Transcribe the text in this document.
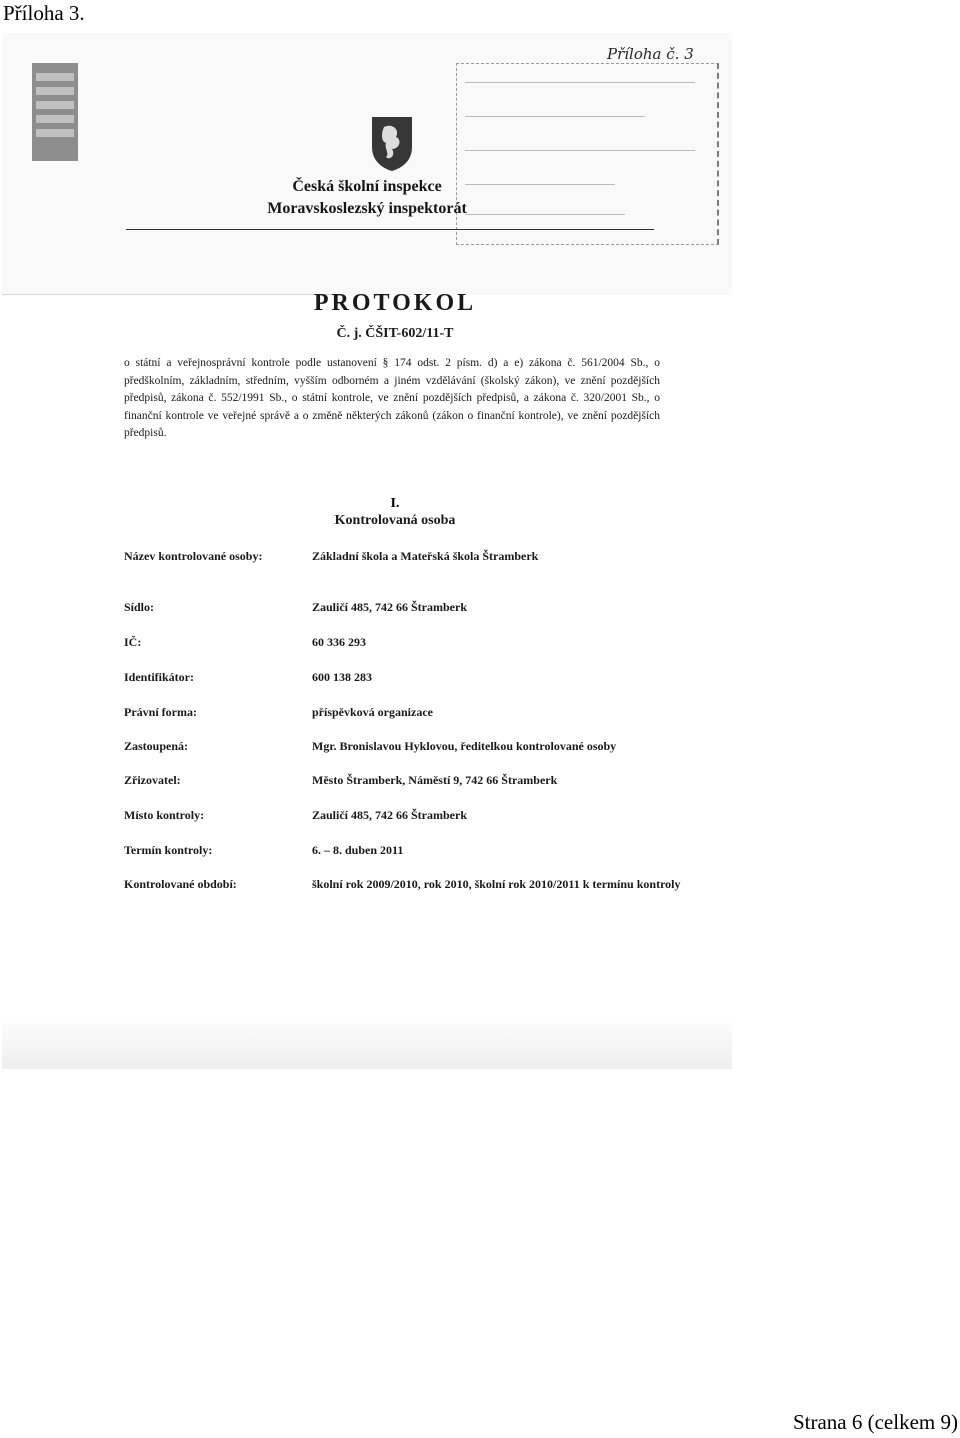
Příloha 3.
Příloha č. 3
Česká školní inspekce
Moravskoslezský inspektorát
PROTOKOL
Č. j. ČŠIT-602/11-T
o státní a veřejnosprávní kontrole podle ustanovení § 174 odst. 2 písm. d) a e) zákona č. 561/2004 Sb., o předškolním, základním, středním, vyšším odborném a jiném vzdělávání (školský zákon), ve znění pozdějších předpisů, zákona č. 552/1991 Sb., o státní kontrole, ve znění pozdějších předpisů, a zákona č. 320/2001 Sb., o finanční kontrole ve veřejné správě a o změně některých zákonů (zákon o finanční kontrole), ve znění pozdějších předpisů.
I.
Kontrolovaná osoba
Název kontrolované osoby:	Základní škola a Mateřská škola Štramberk
Sídlo:	Zauličí 485, 742 66 Štramberk
IČ:	60 336 293
Identifikátor:	600 138 283
Právní forma:	příspěvková organizace
Zastoupená:	Mgr. Bronislavou Hyklovou, ředitelkou kontrolované osoby
Zřizovatel:	Město Štramberk, Náměstí 9, 742 66 Štramberk
Místo kontroly:	Zauličí 485, 742 66 Štramberk
Termín kontroly:	6. – 8. duben 2011
Kontrolované období:	školní rok 2009/2010, rok 2010, školní rok 2010/2011 k termínu kontroly
Strana 6 (celkem 9)
